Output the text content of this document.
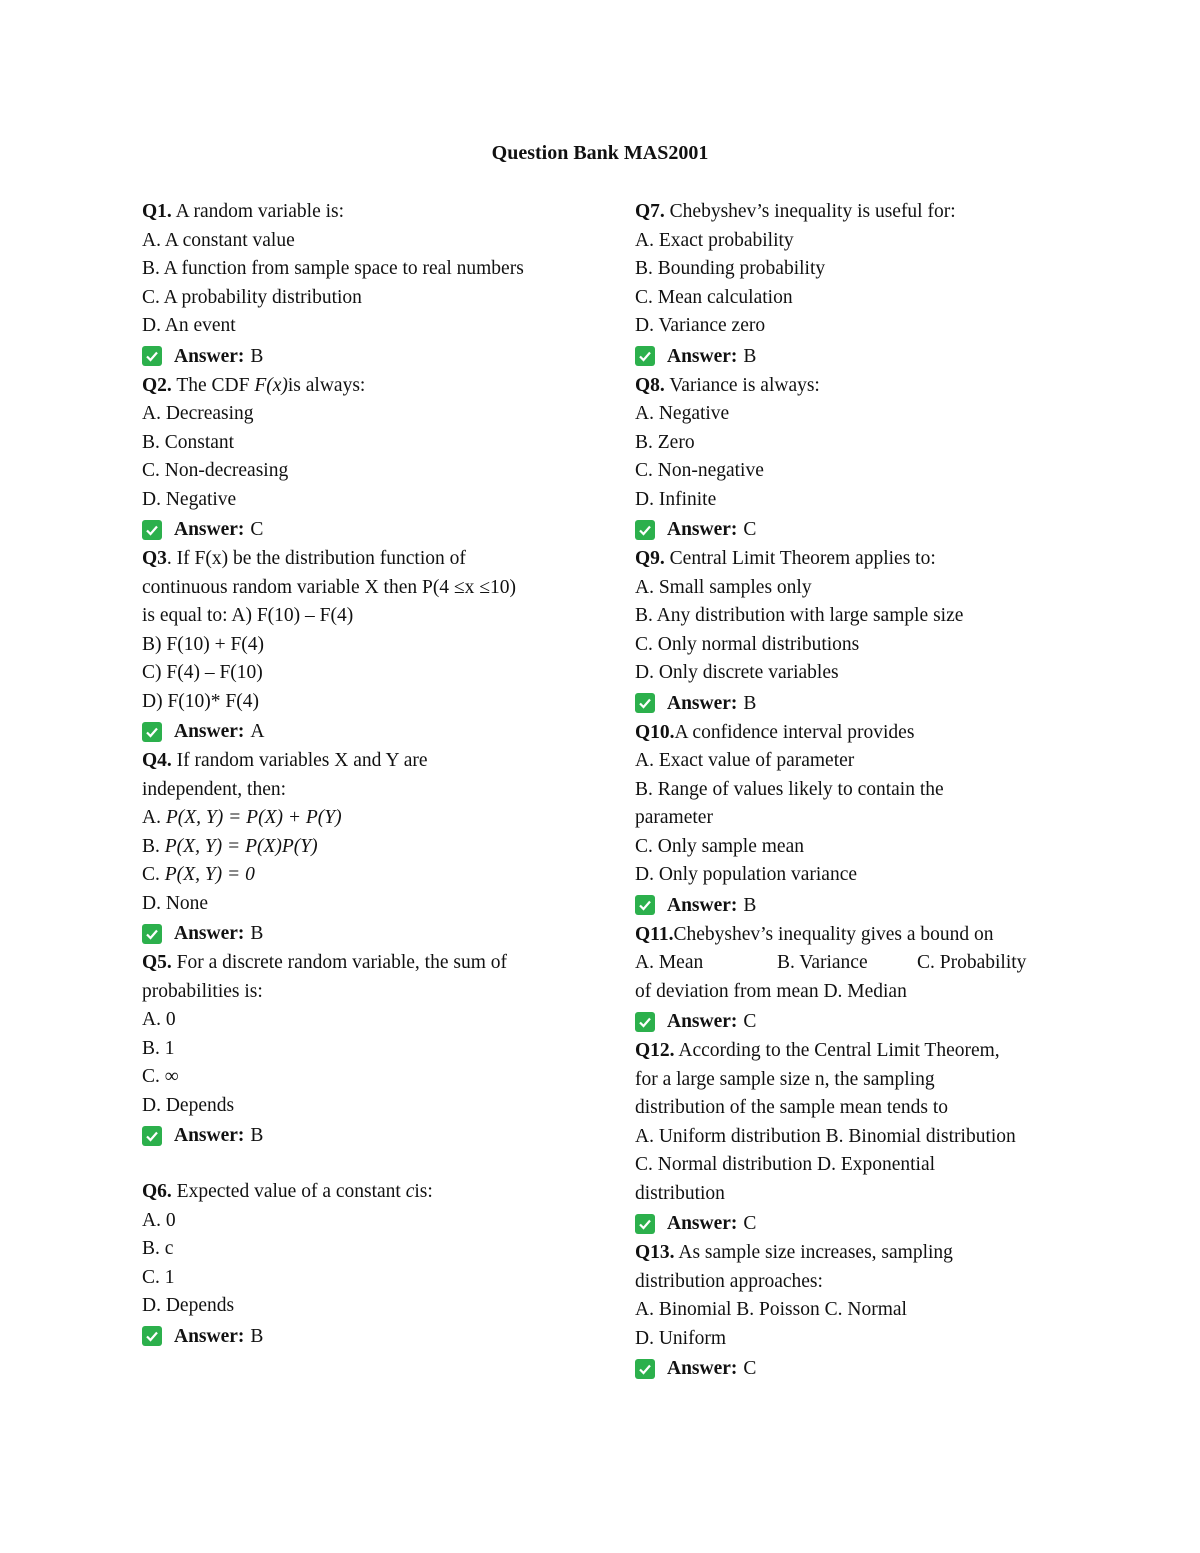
Question Bank MAS2001
Q1. A random variable is:
A. A constant value
B. A function from sample space to real numbers
C. A probability distribution
D. An event
Answer: B
Q2. The CDF F(x)is always:
A. Decreasing
B. Constant
C. Non-decreasing
D. Negative
Answer: C
Q3. If F(x) be the distribution function of
continuous random variable X then P(4 ≤x ≤10)
is equal to: A) F(10) – F(4)
B) F(10) + F(4)
C) F(4) – F(10)
D) F(10)* F(4)
Answer: A
Q4. If random variables X and Y are
independent, then:
A. P(X, Y) = P(X) + P(Y)
B. P(X, Y) = P(X)P(Y)
C. P(X, Y) = 0
D. None
Answer: B
Q5. For a discrete random variable, the sum of
probabilities is:
A. 0
B. 1
C. ∞
D. Depends
Answer: B
Q6. Expected value of a constant cis:
A. 0
B. c
C. 1
D. Depends
Answer: B
Q7. Chebyshev’s inequality is useful for:
A. Exact probability
B. Bounding probability
C. Mean calculation
D. Variance zero
Answer: B
Q8. Variance is always:
A. Negative
B. Zero
C. Non-negative
D. Infinite
Answer: C
Q9. Central Limit Theorem applies to:
A. Small samples only
B. Any distribution with large sample size
C. Only normal distributions
D. Only discrete variables
Answer: B
Q10.A confidence interval provides
A. Exact value of parameter
B. Range of values likely to contain the
parameter
C. Only sample mean
D. Only population variance
Answer: B
Q11.Chebyshev’s inequality gives a bound on
A. Mean	B. Variance	C. Probability
of deviation from mean D. Median
Answer: C
Q12. According to the Central Limit Theorem,
for a large sample size n, the sampling
distribution of the sample mean tends to
A. Uniform distribution B. Binomial distribution
C. Normal distribution D. Exponential
distribution
Answer: C
Q13. As sample size increases, sampling
distribution approaches:
A. Binomial B. Poisson C. Normal
D. Uniform
Answer: C
